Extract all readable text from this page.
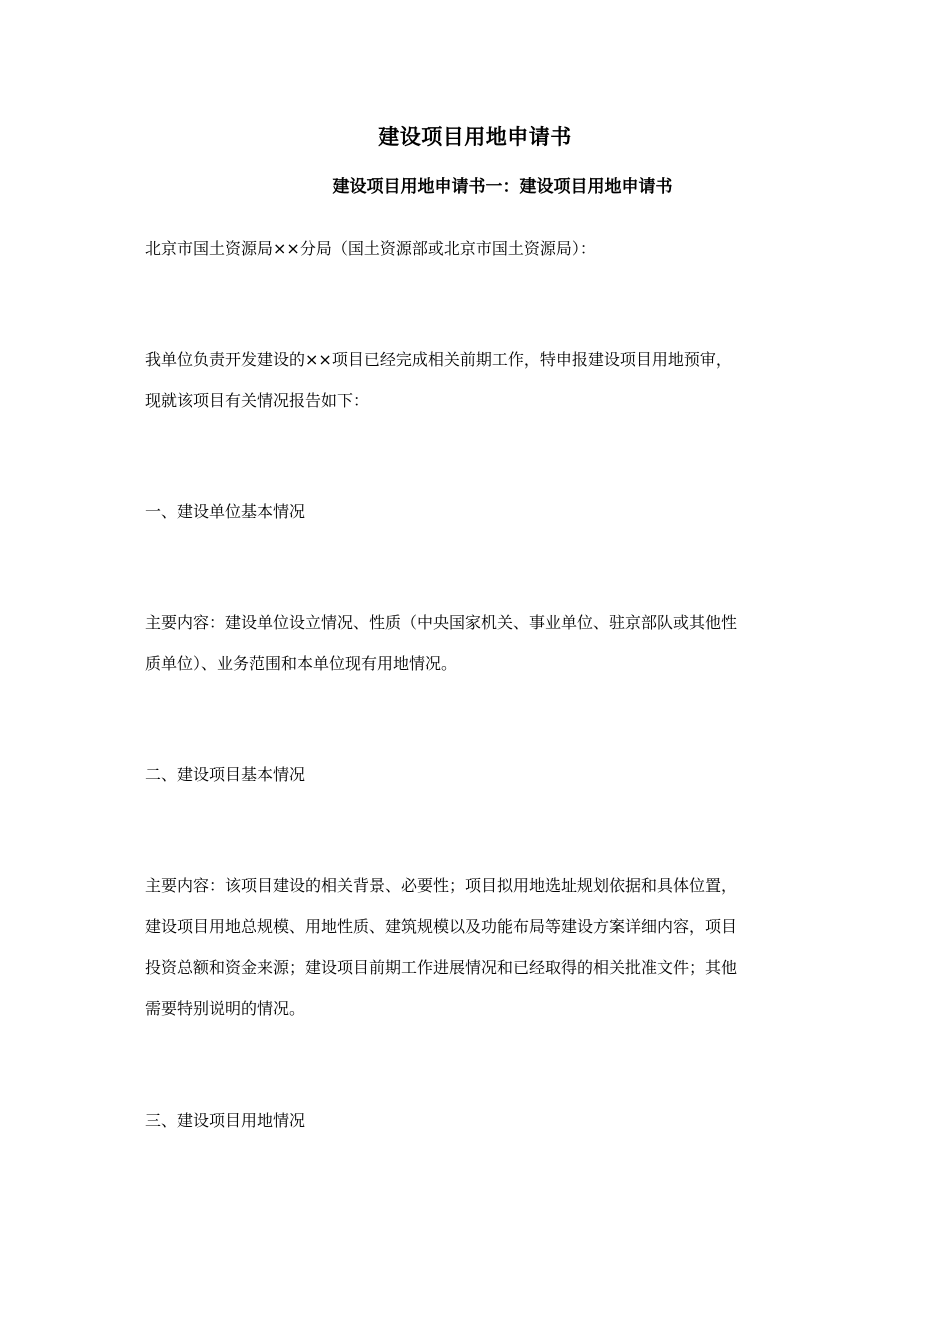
建设项目用地申请书
建设项目用地申请书一：建设项目用地申请书

北京市国土资源局××分局（国土资源部或北京市国土资源局）：

我单位负责开发建设的××项目已经完成相关前期工作，特申报建设项目用地预审，
现就该项目有关情况报告如下：

一、建设单位基本情况

主要内容：建设单位设立情况、性质（中央国家机关、事业单位、驻京部队或其他性
质单位）、业务范围和本单位现有用地情况。

二、建设项目基本情况

主要内容：该项目建设的相关背景、必要性；项目拟用地选址规划依据和具体位置，
建设项目用地总规模、用地性质、建筑规模以及功能布局等建设方案详细内容，项目
投资总额和资金来源；建设项目前期工作进展情况和已经取得的相关批准文件；其他
需要特别说明的情况。

三、建设项目用地情况
